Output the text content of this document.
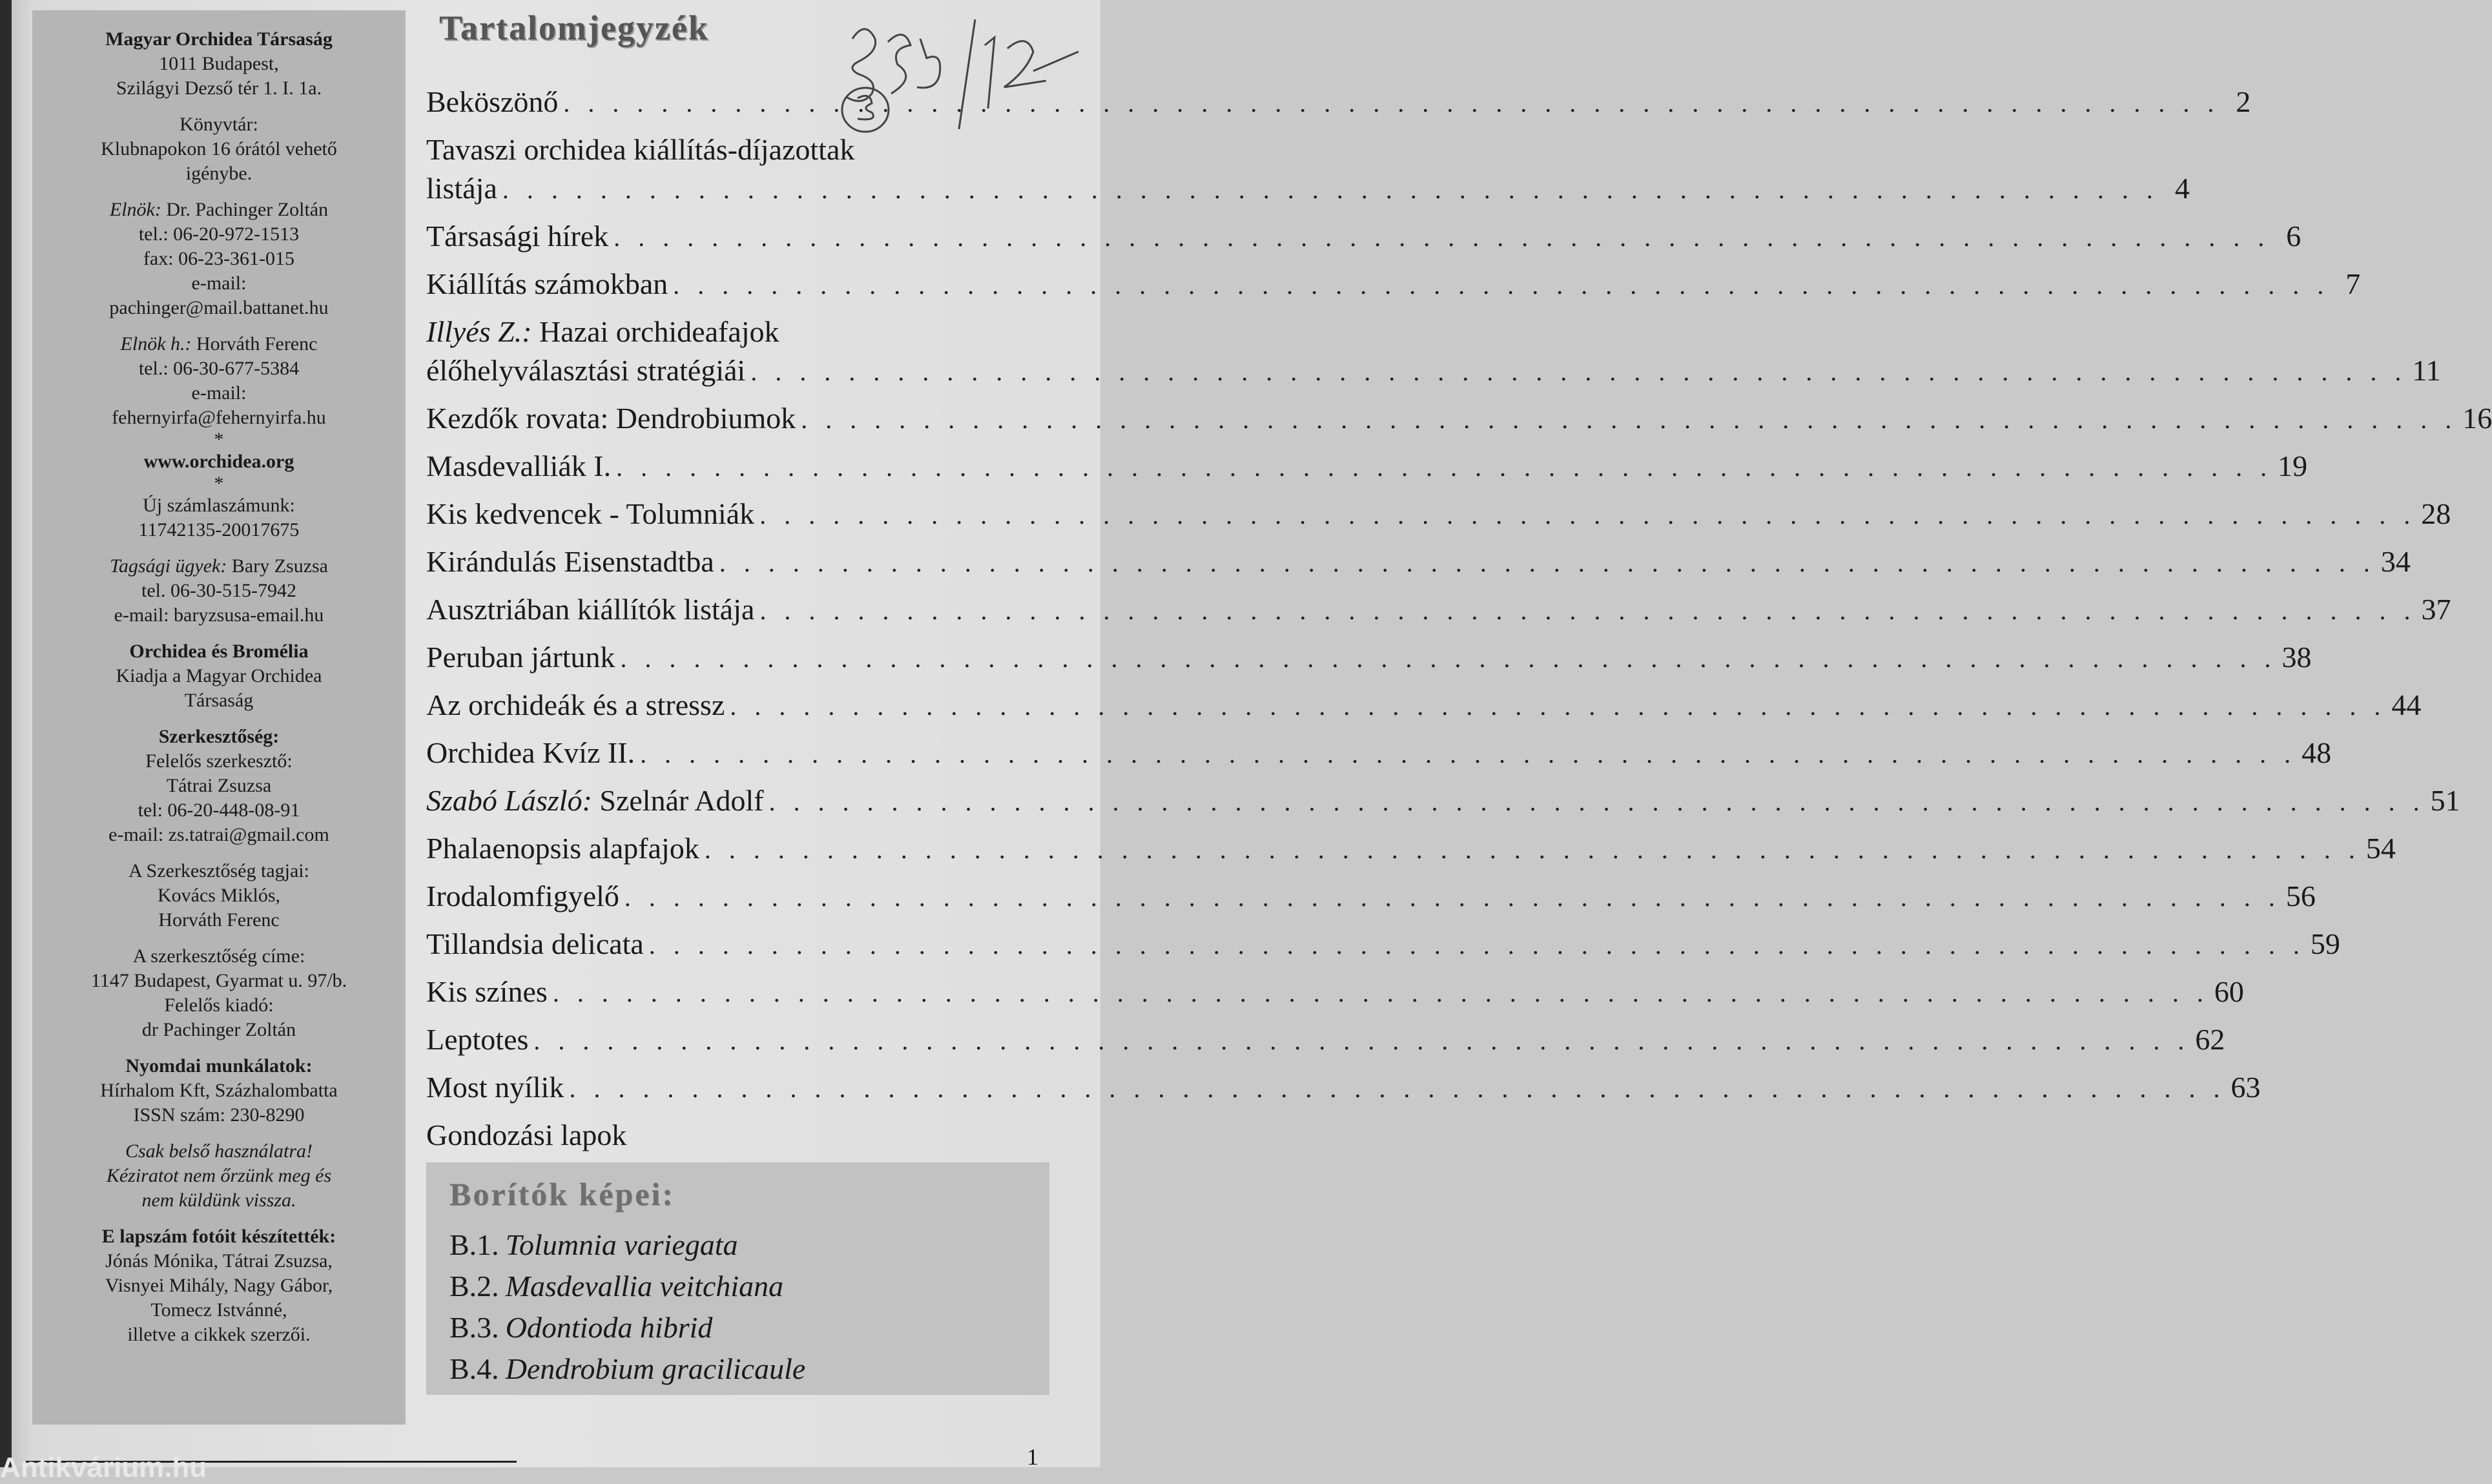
Magyar Orchidea Társaság
1011 Budapest,
Szilágyi Dezső tér 1. I. 1a.
Könyvtár:
Klubnapokon 16 órától vehető
igénybe.
Elnök: Dr. Pachinger Zoltán
tel.: 06-20-972-1513
fax: 06-23-361-015
e-mail:
pachinger@mail.battanet.hu
Elnök h.: Horváth Ferenc
tel.: 06-30-677-5384
e-mail:
fehernyirfa@fehernyirfa.hu
*
www.orchidea.org
*
Új számlaszámunk:
11742135-20017675
Tagsági ügyek: Bary Zsuzsa
tel. 06-30-515-7942
e-mail: baryzsusa-email.hu
Orchidea és Bromélia
Kiadja a Magyar Orchidea
Társaság
Szerkesztőség:
Felelős szerkesztő:
Tátrai Zsuzsa
tel: 06-20-448-08-91
e-mail: zs.tatrai@gmail.com
A Szerkesztőség tagjai:
Kovács Miklós,
Horváth Ferenc
A szerkesztőség címe:
1147 Budapest, Gyarmat u. 97/b.
Felelős kiadó:
dr Pachinger Zoltán
Nyomdai munkálatok:
Hírhalom Kft, Százhalombatta
ISSN szám: 230-8290
Csak belső használatra!
Kéziratot nem őrzünk meg és
nem küldünk vissza.
E lapszám fotóit készítették:
Jónás Mónika, Tátrai Zsuzsa,
Visnyei Mihály, Nagy Gábor,
Tomecz Istvánné,
illetve a cikkek szerzői.
Tartalomjegyzék
635/12 (3)
Beköszönő . . .	2
Tavaszi orchidea kiállítás-díjazottak
listája . . .	4
Társasági hírek . . .	6
Kiállítás számokban . . .	7
Illyés Z.: Hazai orchideafajok
élőhelyválasztási stratégiái . . .	11
Kezdők rovata: Dendrobiumok . . .	16
Masdevalliák I. . . .	19
Kis kedvencek - Tolumniák . . .	28
Kirándulás Eisenstadtba . . .	34
Ausztriában kiállítók listája . . .	37
Peruban jártunk . . .	38
Az orchideák és a stressz . . .	44
Orchidea Kvíz II. . . .	48
Szabó László: Szelnár Adolf . . .	51
Phalaenopsis alapfajok . . .	54
Irodalomfigyelő . . .	56
Tillandsia delicata . . .	59
Kis színes . . .	60
Leptotes . . .	62
Most nyílik . . .	63
Gondozási lapok
Borítók képei:
B.1. Tolumnia variegata
B.2. Masdevallia veitchiana
B.3. Odontioda hibrid
B.4. Dendrobium gracilicaule
Antikvárium.hu	1
